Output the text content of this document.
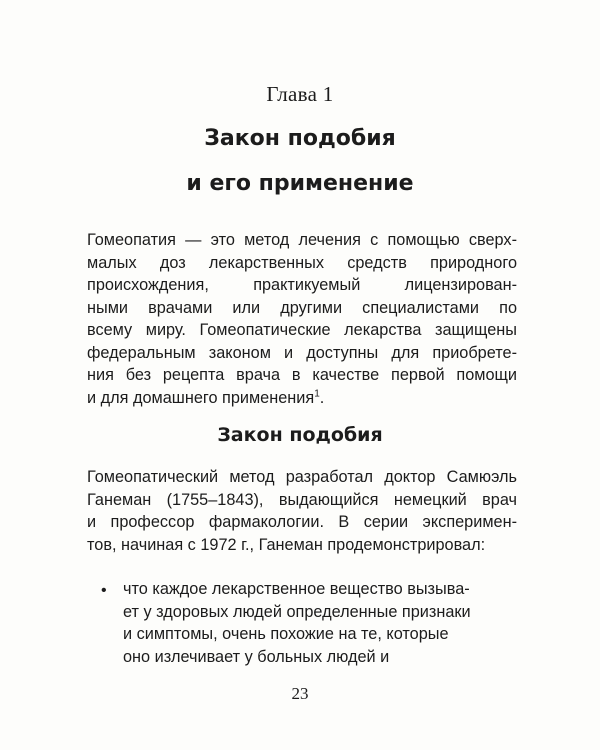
Глава 1
Закон подобия
и его применение

Гомеопатия — это метод лечения с помощью сверх-
малых доз лекарственных средств природного
происхождения, практикуемый лицензирован-
ными врачами или другими специалистами по
всему миру. Гомеопатические лекарства защищены
федеральным законом и доступны для приобрете-
ния без рецепта врача в качестве первой помощи
и для домашнего применения$^1$.

Закон подобия

Гомеопатический метод разработал доктор Самюэль
Ганеман (1755–1843), выдающийся немецкий врач
и профессор фармакологии. В серии эксперимен-
тов, начиная с 1972 г., Ганеман продемонстрировал:

• что каждое лекарственное вещество вызыва-
ет у здоровых людей определенные признаки
и симптомы, очень похожие на те, которые
оно излечивает у больных людей и
23
